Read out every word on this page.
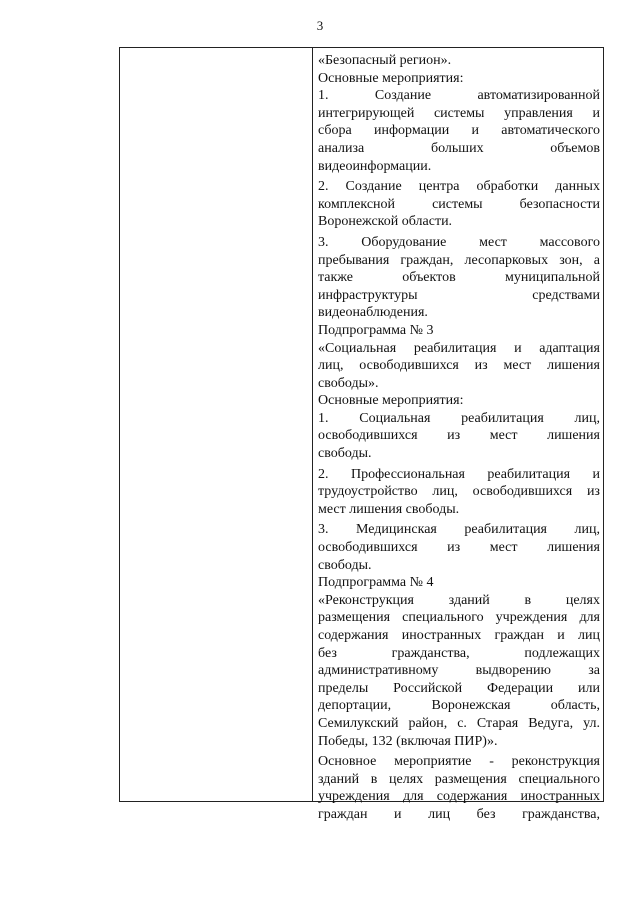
3
«Безопасный регион».
Основные мероприятия:
1.	Создание	автоматизированной
интегрирующей системы управления и
сбора информации и автоматического
анализа	больших	объемов
видеоинформации.
2. Создание центра обработки данных
комплексной	системы	безопасности
Воронежской области.
3. Оборудование мест массового
пребывания граждан, лесопарковых зон, а
также	объектов	муниципальной
инфраструктуры	средствами
видеонаблюдения.
Подпрограмма № 3
«Социальная реабилитация и адаптация
лиц, освободившихся из мест лишения
свободы».
Основные мероприятия:
1. Социальная реабилитация лиц,
освободившихся из мест лишения
свободы.
2. Профессиональная реабилитация и
трудоустройство лиц, освободившихся из
мест лишения свободы.
3. Медицинская реабилитация лиц,
освободившихся из мест лишения
свободы.
Подпрограмма № 4
«Реконструкция зданий в целях
размещения специального учреждения для
содержания иностранных граждан и лиц
без	гражданства,	подлежащих
административному	выдворению	за
пределы Российской Федерации или
депортации,	Воронежская	область,
Семилукский район, с. Старая Ведуга, ул.
Победы, 132 (включая ПИР)».
Основное мероприятие - реконструкция
зданий в целях размещения специального
учреждения для содержания иностранных
граждан и лиц без гражданства,
